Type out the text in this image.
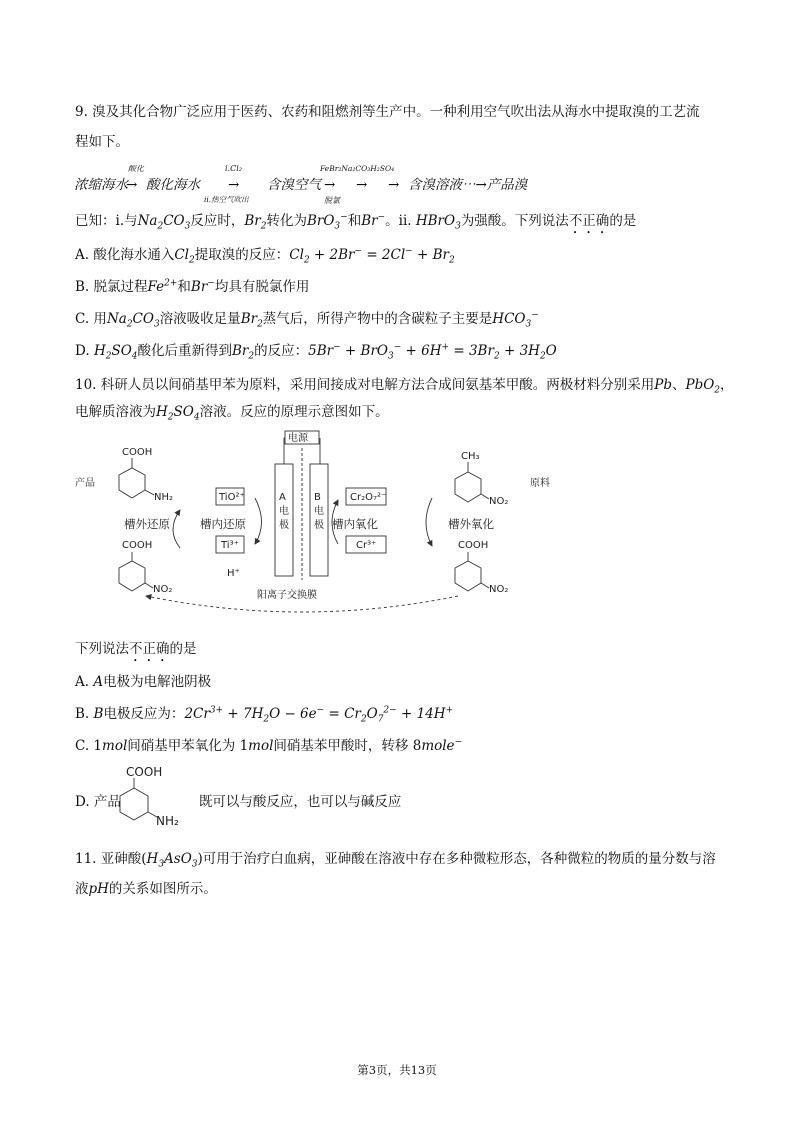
9. 溴及其化合物广泛应用于医药、农药和阻燃剂等生产中。一种利用空气吹出法从海水中提取溴的工艺流
程如下。
浓缩海水
酸化
→ 酸化海水
i.Cl₂
→
ii.热空气吹出
含溴空气
FeBr₂Na₂CO₃H₂SO₄
→ → →
脱氯
含溴溶液⋯→产品溴
已知：i.与$Na_2CO_3$反应时，$Br_2$转化为BrO$_3$−和Br−。ii. HBrO$_3$为强酸。下列说法不正确的是
A. 酸化海水通入$Cl_2$提取溴的反应：$Cl_2 + 2Br^- = 2Cl^- + Br_2$
B. 脱氯过程$Fe^{2+}$和Br−均具有脱氯作用
C. 用$Na_2CO_3$溶液吸收足量$Br_2$蒸气后，所得产物中的含碳粒子主要是$HCO_3^-$
D. $H_2SO_4$酸化后重新得到$Br_2$的反应：$5Br^- + BrO_3^- + 6H^+ = 3Br_2 + 3H_2O$
10. 科研人员以间硝基甲苯为原料，采用间接成对电解方法合成间氨基苯甲酸。两极材料分别采用Pb、PbO$_2$，
电解质溶液为$H_2SO_4$溶液。反应的原理示意图如下。
电源
A
电
极
B
电
极
阳离子交换膜
产品
COOH
NH₂
COOH
NO₂
槽外还原	槽内还原
TiO²⁺
Ti³⁺
H⁺
原料
CH₃
NO₂
COOH
NO₂
槽内氧化	槽外氧化
Cr₂O₇²⁻
Cr³⁺
下列说法不正确的是
A. A电极为电解池阴极
B. B电极反应为：$2Cr^{3+} + 7H_2O - 6e^- = Cr_2O_7^{2-} + 14H^+$
C. 1mol间硝基甲苯氧化为 1mol间硝基苯甲酸时，转移 8mole−
D. 产品	既可以与酸反应，也可以与碱反应
COOH
NH₂
11. 亚砷酸$(H_3AsO_3)$可用于治疗白血病，亚砷酸在溶液中存在多种微粒形态，各种微粒的物质的量分数与溶
液pH的关系如图所示。
第3页，共13页
